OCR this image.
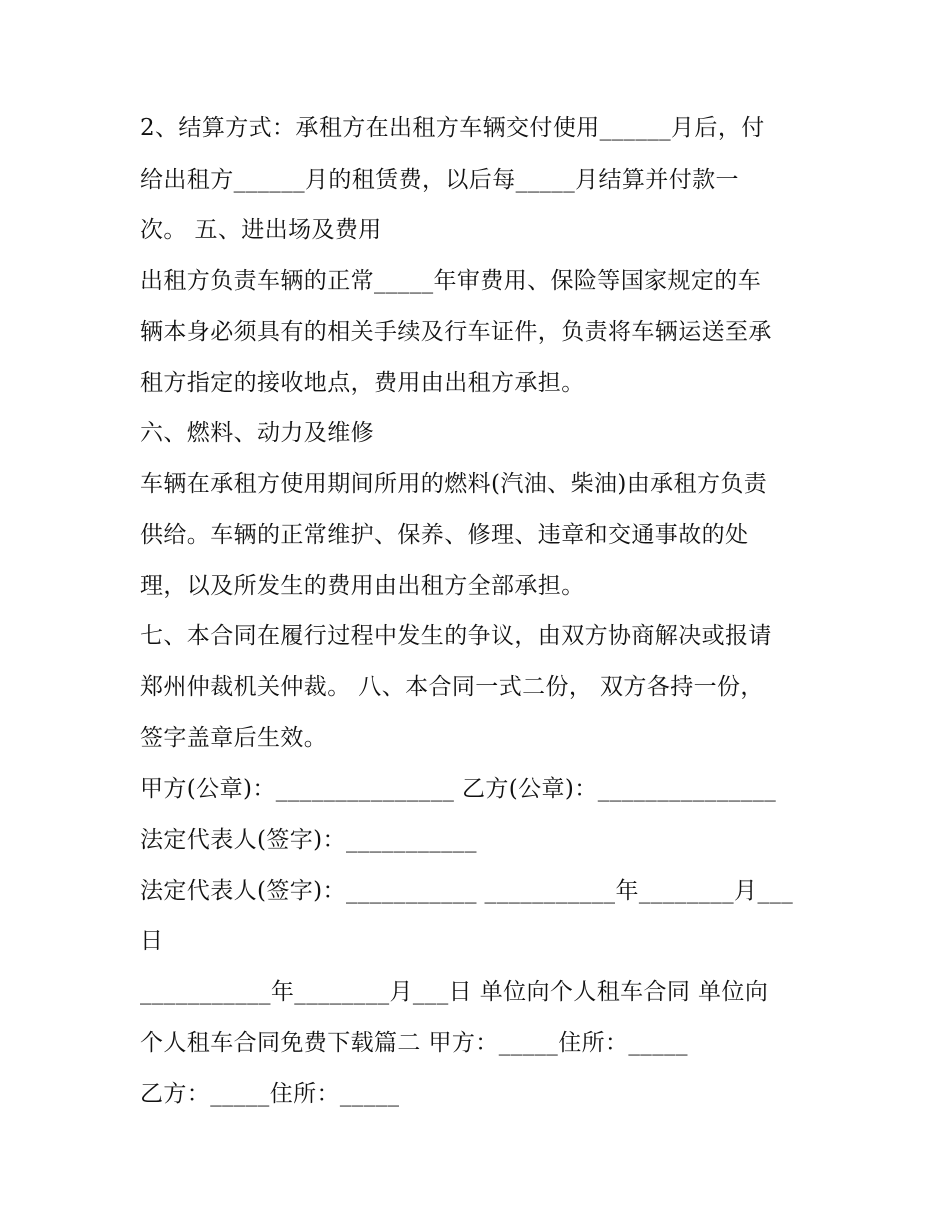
2、结算方式：承租方在出租方车辆交付使用______月后，付

给出租方______月的租赁费，以后每_____月结算并付款一

次。 五、进出场及费用

出租方负责车辆的正常_____年审费用、保险等国家规定的车

辆本身必须具有的相关手续及行车证件，负责将车辆运送至承

租方指定的接收地点，费用由出租方承担。

六、燃料、动力及维修

车辆在承租方使用期间所用的燃料(汽油、柴油)由承租方负责

供给。车辆的正常维护、保养、修理、违章和交通事故的处

理，以及所发生的费用由出租方全部承担。

七、本合同在履行过程中发生的争议，由双方协商解决或报请

郑州仲裁机关仲裁。 八、本合同一式二份， 双方各持一份，

签字盖章后生效。

甲方(公章)：_______________ 乙方(公章)：_______________

法定代表人(签字)：___________

法定代表人(签字)：___________ ___________年________月___

日

___________年________月___日 单位向个人租车合同 单位向

个人租车合同免费下载篇二 甲方：_____住所：_____

乙方：_____住所：_____
